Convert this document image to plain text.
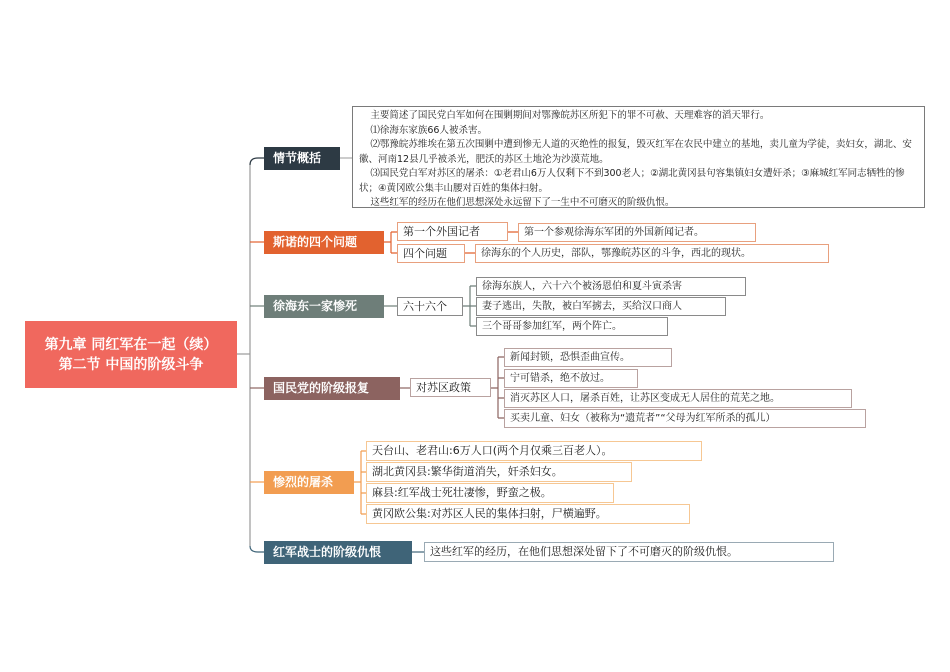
第九章 同红军在一起（续）
第二节 中国的阶级斗争
情节概括

主要简述了国民党白军如何在围剿期间对鄂豫皖苏区所犯下的罪不可赦、天理难容的滔天罪行。

⑴徐海东家族66人被杀害。

⑵鄂豫皖苏维埃在第五次围剿中遭到惨无人道的灭绝性的报复，毁灭红军在农民中建立的基地，卖儿童为学徒，卖妇女，湖北、安徽、河南12县几乎被杀光，肥沃的苏区土地沦为沙漠荒地。

⑶国民党白军对苏区的屠杀：①老君山6万人仅剩下不到300老人；②湖北黄冈县句容集镇妇女遭奸杀；③麻城红军同志牺牲的惨状；④黄冈欧公集丰山腰对百姓的集体扫射。

这些红军的经历在他们思想深处永远留下了一生中不可磨灭的阶级仇恨。

斯诺的四个问题
第一个外国记者	第一个参观徐海东军团的外国新闻记者。
四个问题	徐海东的个人历史，部队，鄂豫皖苏区的斗争，西北的现状。
徐海东一家惨死	六十六个
徐海东族人，六十六个被汤恩伯和夏斗寅杀害
妻子逃出，失散，被白军掳去，买给汉口商人
三个哥哥参加红军，两个阵亡。
国民党的阶级报复	对苏区政策
新闻封锁，恐惧歪曲宣传。
宁可错杀，绝不放过。
消灭苏区人口，屠杀百姓，让苏区变成无人居住的荒芜之地。
买卖儿童、妇女（被称为“遗荒者”“父母为红军所杀的孤儿）
惨烈的屠杀
天台山、老君山:6万人口(两个月仅乘三百老人）。
湖北黄冈县:繁华街道消失，奸杀妇女。
麻县:红军战士死壮凄惨，野蛮之极。
黄冈欧公集:对苏区人民的集体扫射，尸横遍野。
红军战士的阶级仇恨	这些红军的经历，在他们思想深处留下了不可磨灭的阶级仇恨。
